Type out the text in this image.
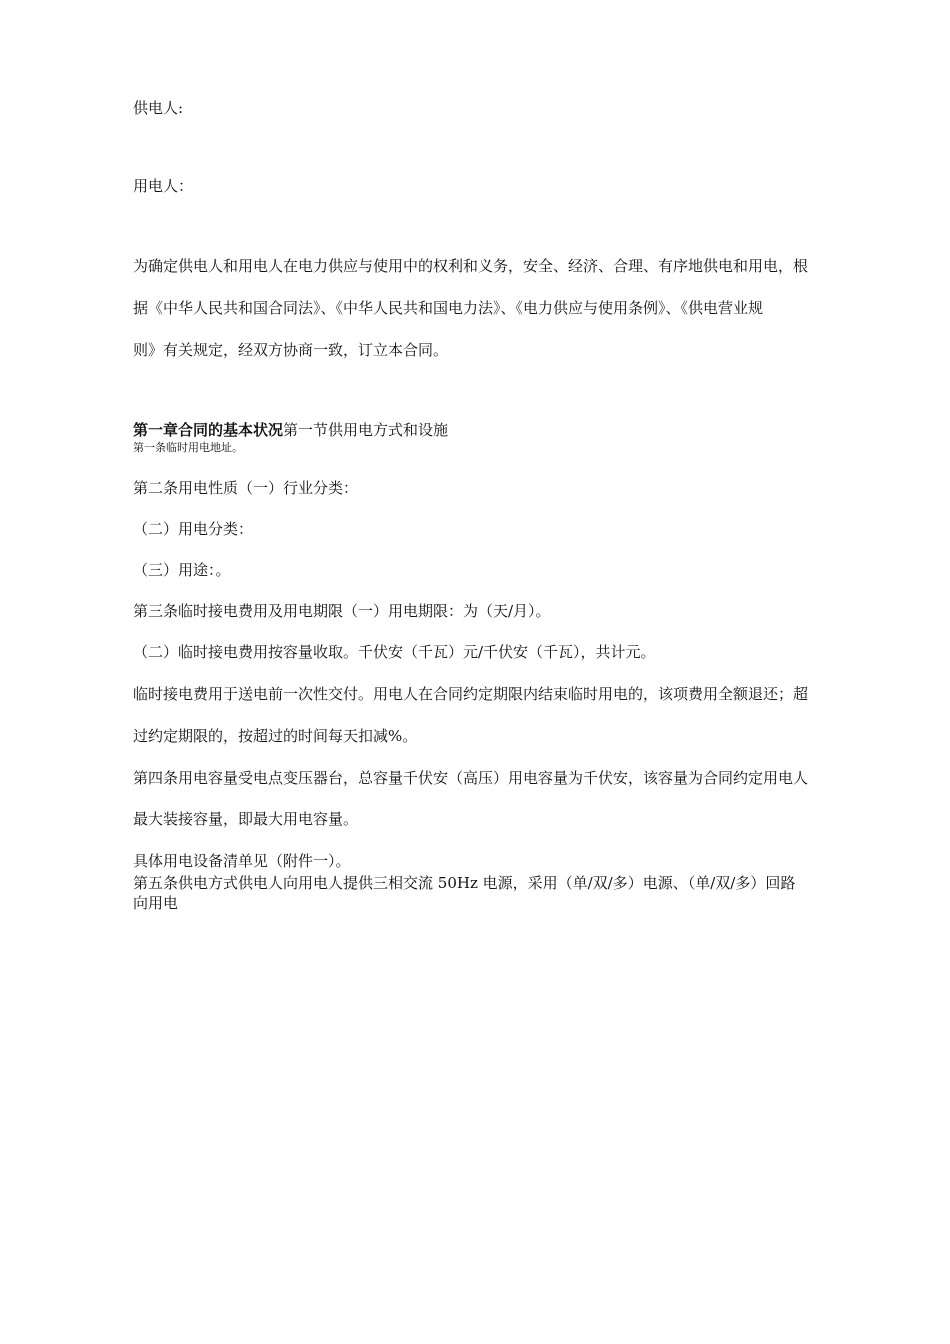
供电人:
用电人：
为确定供电人和用电人在电力供应与使用中的权利和义务，安全、经济、合理、有序地供电和用电，根
据《中华人民共和国合同法》、《中华人民共和国电力法》、《电力供应与使用条例》、《供电营业规
则》有关规定，经双方协商一致，订立本合同。
第一章合同的基本状况第一节供用电方式和设施
第一条临时用电地址。
第二条用电性质（一）行业分类：
（二）用电分类：
（三）用途：。
第三条临时接电费用及用电期限（一）用电期限：为（天/月）。
（二）临时接电费用按容量收取。千伏安（千瓦）元/千伏安（千瓦），共计元。
临时接电费用于送电前一次性交付。用电人在合同约定期限内结束临时用电的，该项费用全额退还；超
过约定期限的，按超过的时间每天扣减%。
第四条用电容量受电点变压器台，总容量千伏安（高压）用电容量为千伏安，该容量为合同约定用电人
最大装接容量，即最大用电容量。
具体用电设备清单见（附件一）。
第五条供电方式供电人向用电人提供三相交流 50Hz 电源，采用（单/双/多）电源、（单/双/多）回路
向用电
